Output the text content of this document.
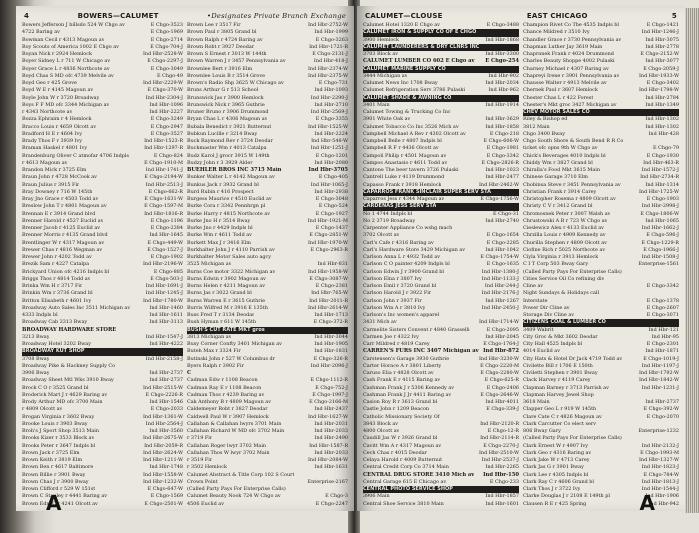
4	BOWERS—CALUMET	•Designates Private Branch Exchange
Bowers Jefferson J billsdo 524 W Chgo av	E Chgo-3523
4722 Baring av	E Chgo-1969
Bowman Cecil r 4313 Magoun av	E Chgo-2714
Boy Scouts of America 1002 E Chgo av	E Chgo-704-J
Boyan Nick r 2924 Hemlock	Ind Hbr-2528-W
Boyer Sidney L r 711 W Chicago av	E Chgo-2297-J
Boyer Grace L r 4836 Northcote av	E Chgo-3049
Boyd Chas S MD ofc 4739 Melvile av	E Chgo-49
Boyd Geo r 425 Grove	Ind Hbr-2229-W
Boyd W E r 4145 Magoun av	E Chgo-370-W
Boyle John W r 3720 Broadway	Ind Hbr-2304-J
Boys F F MD ofc 3344 Michigan av	Ind Hbr-1096
r 4343 Northcote av	Ind Hbr-2227
Bozza Ephraim r 4 Hemlock	E Chgo-3249
Bracco Louis r 4659 Olcott av	E Chgo-2947
Bradford H E r 4604 Ivy	E Chgo-3527
Brady Thos F r 3939 Ivy	Ind Hbr-1523-R
Braman Haskel r 4801 Ivy	Ind Hbr-1297-R
Brandenburg Oliver C atmofar 4706 Indpls	E Chgo-824
r 4613 Magoun av	E Chgo-1910-M
Brandon Mick r 3725 Elm	Ind Hbr-1741-J
Braun John r 4728 McCook av	E Chgo-2194-W
Braun Julius r 3915 Fir	Ind Hbr-2513-J
Bray Downey r 716 W 145th	E Chgo-662-R
Bray Jno Grace r 4503 Todd av	E Chgo-1631-W
Breslow John T r 4801 Magoun av	E Chgo-1597-M
Brennan E r 3914 Grand blvd	Ind Hbr-1816-R
Brenner Harold r 4527 Euclid av	E Chgo-1196
Brenner Jacob r 4125 Euclid av	E Chgo-2384
Brenner Morris r 4135 Grand blvd	Ind Hbr-1645
Brentlinger W r 4317 Magoun av	E Chgo-449-W
Brewer Chas r 4816 Wegman av	E Chgo-1527-J
Brewer John r 4202 Todd av	E Chgo-1902
Brezik Sam r 4227 Catalpa	Ind Hbr-2196-W
Brickyard Union ofc 4216 Indpls bl	E Chgo-885
Briggs Thos r 4814 Todd av	E Chgo-503-J
Brinka Wm H r 3717 Fir	Ind Hbr-1691-J
Brinkin Wm r 3736 Grand bl	Ind Hbr-1245-J
Britton Elisabeth r 4601 Ivy	Ind Hbr-1780-W
Broadway Auto Sales Inc 3511 Michigan av	Ind Hbr-1460
4333 Indpls bl	Ind Hbr-1611
Broadway Cab 3313 Bway	Ind Hbr-3113
BROADWAY HARDWARE STORE
3213 Bway	Ind Hbr-1547-J
Broadway Hotel 3202 Bway	Ind Hbr-4222
BROADWAY KUT SHOP
3708 Bway	Ind Hbr-2158-J
Broadway Pike & Hackney Supply Co
3906 Bway	Ind Hbr-2737
Broadway Sheet Mtl Wks 3910 Bway	Ind Hbr-2737
Brock C O r 3525 Grand bl	Ind Hbr-2515-W
Broderick Mart J r 4629 Baring av	E Chgo-2226-R
Brody Arthur MD ofc 3700 Main	Ind Hbr-1546
r 4809 Olcott av	E Chgo-2033
Brogan Virginia r 3602 Bway	Ind Hbr-1361-W
Brooke Louis r 3903 Bway	Ind Hbr-2564-J
Broh's J Sport Shop 3513 Main	Ind Hbr-3560
Brooks Kizer r 3533 Block av	Ind Hbr-2675-W
Brooks Peter r 3647 Indpls bl	Ind Hbr-2059-R
Brown Jack r 3725 Elm	Ind Hbr-2624-W
Brown Keith r 3819 Elm	Ind Hbr-1211-W
Brown Ben r 4617 Baltimore	Ind Hbr-1748
Brown Billie r 3901 Bway	Ind Hbr-1558-W
Brown Chas J r 3900 Bway	Ind Hbr-1232-W
Brown Clifford r 529 W 151st	E Chgo-647-W
Brown C Stanley r 4441 Baring av	E Chgo-1569
Brown Edw C r 4241 Olcott av	E Chgo-2501-W
Brown Lee r 3517 Fir	Ind Hbr-2752-W
Brown Paul r 3805 Grand bl	Ind Hbr-1999
Brown Ralph r 4724 Baring av	E Chgo-3263
Brown Robt r 3927 Deodar	Ind Hbr-1721-R
Brown S Ernest r 3013 W 144th	E Chgo-2131-J
Brown Warren J r 3457 Pennsylvania av	Ind Hbr-418-J
Brownlee Bert r 3916 Elm	Ind Hbr-2374-W
Brownlee Louis B r 3514 Grove	Ind Hbr-2375-W
Brown's Radio Shp 3625 W Chicago av	E Chgo-731
Bruns Arthur G r 513 School	Ind Hbr-1093
Brunswick Jas r 3900 Hemlock	Ind Hbr-2290-J
Brunswick Nick r 3965 Guthrie	Ind Hbr-2710
Bruner Bruno r 3906 Drummond	Ind Hbr-2569-J
Bryan Chas L r 4306 Magoun av	E Chgo-3355
Bubala Benedict r 3921 Butternut	Ind Hbr-1525-W
Bubkun Lucille r 3214 Bway	Ind Hbr-2224
Buck Raymond Rev r 3724 Deodar	Ind Hbr-548-W
Buckmaster Wm r 4013 Catalpa	Ind Hbr-1251-J
Budz Karol J grocr 3915 W 149th	E Chgo-1201
Budzy John r 3 3929 Alder	Ind Hbr-2080
BUEHLER BROS INC 3715 Main	Ind Hbr-3705
Bunker Walter L r 4142 Magoun av	E Chgo-405
Bunkus Jack r 3932 Grand bl	Ind Hbr-1065-J
Burd Rubin r 416 Prospect	Ind Hbr-2938
Burgess Maurice r 4510 Euclid av	E Chgo-3048
Burke Cora r 3342 Pennhrgn pl	E Chgo-524
Burke Harry r 4815 Northcote av	E Chgo-1927
Burke Jno H r 3514 Bway	Ind Hbr-1921-M
Burke Jno r 4429 Indpls bl	E Chgo-1437
Burke Wm r 4611 Todd av	E Chgo-2851-W
Burkett Max J r 3416 Elm	Ind Hbr-1970-W
Burkhalter John J r 4110 Parrish av	E Chgo-2963-R
Burkhalter Motor Sales auto agcy
3525 Michigan av	Ind Hbr-831
Burns Coe motor 3322 Michigan av	Ind Hbr-1958-W
Burns Edwin r 3902 Magoun av	E Chgo-3087-W
Burns Helen r 4211 Magoun av	E Chgo-2381
Burns Jas r 3022 Grand bl	Ind Hbr-765-W
Burns Warren E r 3615 Guthrie	Ind Hbr-2011-R
Burris Wilfred M r 3916 E 135th	Ind Hbr-2614-W
Buss Fred T r 3134 Deodar	Ind Hbr-1713
Bush Hyman r 611 W 145th	E Chgo-372-R
BUSH'S CUT RATE MKT gros
3813 Michigan av	Ind Hbr-3044
Busy Corner Confty 3401 Michigan av	Ind Hbr-1905
Buteh Max r 3324 Fir	Ind Hbr-1831
Butinski John r 527 W Columbus dr	E Chgo-326-R
Byers Ralph r 3902 Fir	Ind Hbr-2096-J
C
Cadman Edw r 1108 Beacon	E Chgo-1112-R
Cadman Ray E r 1108 Beacon	E Chgo-752-J
Cadman Thos r 4239 Baring av	E Chgo-1997-J
Cak Anthony B r 4809 Magoun av	E Chgo-2166-M
Caldemeyer Robt r 3827 Deodar	Ind Hbr-2437
Caldwell Paul W r 3907 Hemlock	Ind Hbr-1627-W
Callahan & Callahan lwyrs 3701 Main	Ind Hbr-2031
Callahan Richard W MD ofc 3702 Main	Ind Hbr-2033
r 3719 Fir	Ind Hbr-2490
Callahan Roger lwyr 3702 Main	Ind Hbr-1587-R
Callahan Thos W lwyr 3702 Main	Ind Hbr-2033
r 3519 Fir	Ind Hbr-2084-W
r 3502 Hemlock	Ind Hbr-1631
Calumet Abstract & Title Corp 102 S Court
Crown Point	Enterprise-2167
(Called Party Pays For Enterprise Calls)
Calumet Beauty Nook 724 W Chgo av	E Chgo-3
4506 Euclid av	E Chgo-2247
A
CALUMET—CLOUSE	EAST CHICAGO	5
Calumet Hotel 1320 E Chgo av	E Chgo-3488
CALUMET IRON & SUPPLY CO OF E CHGO
3900 Hemlock	Ind Hbr-1868
CALUMET LAUNDERERS & DRY CLNRS INC
3703 Block av	Ind Hbr-3300
CALUMET LUMBER CO 602 E Chgo av	E Chgo-254
CALUMET MARINE SUPPLY CO
3444 Michigan av	Ind Hbr-902
Calumet News Inc 1708 Bway	Ind Hbr-2034
Calumet Refrigeration Serv 3786 Pulaski	Ind Hbr-962
CALUMET SHADE & AWNING CO
3401 Main	Ind Hbr-1914
Calumet Towing & Trucking Co Inc
3901 White Oak av	Ind Hbr-3629
Calumet Tobacco Co Inc 3526 Mich av	Ind Hbr-1858
Campbell Michael A Rev r 4302 Olcott av	E Chgo-218
Campbell Belle r 4807 Indpls bl	E Chgo-606-W
Campbell R F r 4436 Olcott av	E Chgo-1981
Campoli Philip r 4501 Magoun av	E Chgo-3342
Campos Anastasio r 4611 Todd av	E Chgo-2826-R
Cantone The beer tavern 3726 Pulaski	Ind Hbr-1023
Cantrell Luke r 4119 Drummond	Ind Hbr-2477
Capasso Frank r 3918 Hemlock	Ind Hbr-2462-W
CAPARROS FRANK SINCLAIR SUPER SERV STA
Caparros Jess r 4344 Magoun av	E Chgo-1756-W
CARDENAS JESS SERV STA
No 1 4744 Indpls bl	E Chgo-31
No 2 3719 Broadway	Ind Hbr-2740
Carpenter Appliance Co wshg mach
3702 Olcott av	E Chgo-1654
Carl's Cafe r 4316 Baring av	E Chgo-2285
Carl's Hardware Store 3429 Michigan av	Ind Hbr-1042
Carlson Anna L r 4932 Todd av	E Chgo-1754-W
Carlson C O painter 4209 Indpls bl	E Chgo-1635
Carlson Edwin J r 3900 Grand bl	Ind Hbr-1380-J
Carlson Elna r 3807 Ivy	Ind Hbr-1133-J
Carlson Emil r 3720 Grand bl	Ind Hbr-244-J
Carlson Harold J r 3922 Fir	Ind Hbr-2176-J
Carlson John r 3937 Fir	Ind Hbr-1267
Carlson Wm A r 3810 Ivy	Ind Hbr-2450-J
Carlson's Inc women's apparel
3431 Mich av	Ind Hbr-1714-W
Carmelite Sisters Convent r 4840 Grasselli	E Chgo-2095
Carmen Joe r 4322 Ivy	Ind Hbr-2045
Carr Mildred r 4819 Carey	E Chgo-1764-J
CARREN'S FURS INC 3407 Michigan av Ind Hbr-872
Carstensen's Garage 3930 Guthrie	Ind Hbr-3230-W
Carter Horace A r 3801 Liberty	E Chgo-2220-M
Caruso Elia r 4828 Olcott av	E Chgo-2280-W
Cash Frank E r 4115 Baring av	E Chgo-625-R
Cashman Frank J r 5306 Kennedy av	E Chgo-2406
Cashman Frank J Jr 4411 Baring av	E Chgo-2646-W
Casion Roy R r 3613 Grand bl	Ind Hbr-4011
Castle John r 1209 Beacon	E Chgo-339-J
Catholic Missionary Society Of
3843 Block av	Ind Hbr-2120-R
4800 Olcott av	E Chgo-12-R
Caudill Jas W r 3926 Grand bl	Ind Hbr-2114-R
Cavitt Wm A r 4317 Magoun av	E Chgo-2270-J
Cech Chas r 4015 Deodar	Ind Hbr-2510-W
Celaya Harold r 4009 Butternut	Ind Hbr-2537-J
Central Credit Corp Co 3714 Main	Ind Hbr-2265
CENTRAL DRUG STORE 3410 Mich av	Ind Hbr-150
Central Garage 615 E Chicago av	E Chgo-233
CENTRAL PHOTO SERVICE SHOP
3906 Main	Ind Hbr-1857
Central Shoe Service 3810 Main	Ind Hbr-1601
Champion Rivet Co The 4535 Indpls bl	E Chgo-1421
Chance Mildred r 3510 Ivy	Ind Hbr-1246-J
Chandler Grace r 3730 Pennsylvania av	Ind Hbr-3075
Chapman Luther Jay 3619 Main	Ind Hbr-2778
Chapranek Frank r 4024 Drummond	E Chgo-2152-W
Charles Beauty Shoppe 4002 Pulaski	Ind Hbr-3077
Charney Michael r 4307 Baring av	E Chgo-2059-J
Chapreyi Irene r 3901 Pennsylvania av	Ind Hbr-1933-W
Chausse Walter r 4913 Melvile av	E Chgo-3402
Chernek Paul r 3607 Hemlock	Ind Hbr-1798-W
Chester Chas L r 422 Forest	Ind Hbr-2784
Chester's Mkt groc 3427 Michigan av	Ind Hbr-1349
CHEV MOTOR SALES CO
Riley & Bishop ed	Ind Hbr-1302
3812 Main	Ind Hbr-1302
Chgo 3400 Bway	Ind Hbr-428
Chgo South Shore & South Bend R R Co
ticket ofc opns 9th W Chgo av	E Chgo-79
Chick's Beverages 4010 Indpls bl	E Chgo-1930
Chiddy Wm r 3827 Grand bl	Ind Hbr-463-R
Chiralla's Food Mkt 3615 Main	Ind Hbr-1572-J
Chinese Garage 3710 Elm	Ind Hbr-2734-R
Chobinsa Steve r 3451 Pennsylvania av	Ind Hbr-1314
Christian Frank r 3914 Carey	Ind Hbr-1725-W
Christopher Rosema r 4809 Olcott av	E Chgo-1903
Christy C V r 3412 Grand bl	Ind Hbr-2998-J
Chromosnek Peter r 3007 Walsh av	E Chgo-1806-W
Chrustowski A B r 723 W Chgo av	Ind Hbr-1065
Cieslewicz Alex r 4133 Euclid av	Ind Hbr-1662-J
Chrzilla Louis r 4909 Kennedy av	E Chgo-596-J
Churilla Stephen r 4809 Olcott av	E Chgo-1229-R
Ciofine Rich r 5025 Northcote av	E Chgo-1966-J
Ciyla Virginia r 3913 Hemlock	Ind Hbr-1508-J
C I T Corp 503 Bway Gary	Enterprise-1561
(Called Party Pays For Enterprise Calls)
Cities Service Oil Co refining div
Cline av	E Chgo-3342
Night Sundays & Holidays call
Interstate	E Chgo-1378
Power Dir Cline av	E Chgo-2607
Storage Div Cline av	E Chgo-3071
CITIZENS COAL & LUMBER CO
3409 Wabrit	Ind Hbr-121
City Groc & Mkt 3602 Deodar	Ind Hbr-95
City Hall 4525 Indpls bl	E Chgo-2301
4014 Euclid av	Ind Hbr-1871
City Hats & Hotel Dr Jack 4719 Todd av	E Chgo-1019-J
Civilette Bill r 1706 E 150th	Ind Hbr-1197-J
Civiletti Stephen r 3901 Bway	Ind Hbr-1792-W
Clack Harvey r 4119 Carey	Ind Hbr-1842-W
Clapman Barney r 3713 Parrish av	Ind Hbr-1231-J
Clapman Harvey Jewel Shop
3618 Main	Ind Hbr-2737
Clapper Geo L r 919 W 145th	E Chgo-392-W
Clare Cate C r 4826 Magoun av	E Chgo-2070
Clark Carcutter Co elect serv
806 Bway Gary	Enterprise-1232
(Called Party Pays For Enterprise Calls)
Clark Ernest W r 4907 Ivy	Ind Hbr-2132-J
Clark Geo r 4316 Baring av	E Chgo-1993-M
Clark Jake W r 4713 Carey	Ind Hbr-1327-W
Clark Jas G r 3901 Bway	Ind Hbr-1823-J
Clark Lee r 4305 Indpls bl	E Chgo-784-W
Clark Ray C r 4606 Grand bl	Ind Hbr-1813-J
Clark Thos J r 3722 Ivy	Ind Hbr-1544-J
Clarke Douglas J r 2108 E 149th pl	Ind Hbr-1906
Clausen R E r 425 Spring	Ind Hbr-942
A
